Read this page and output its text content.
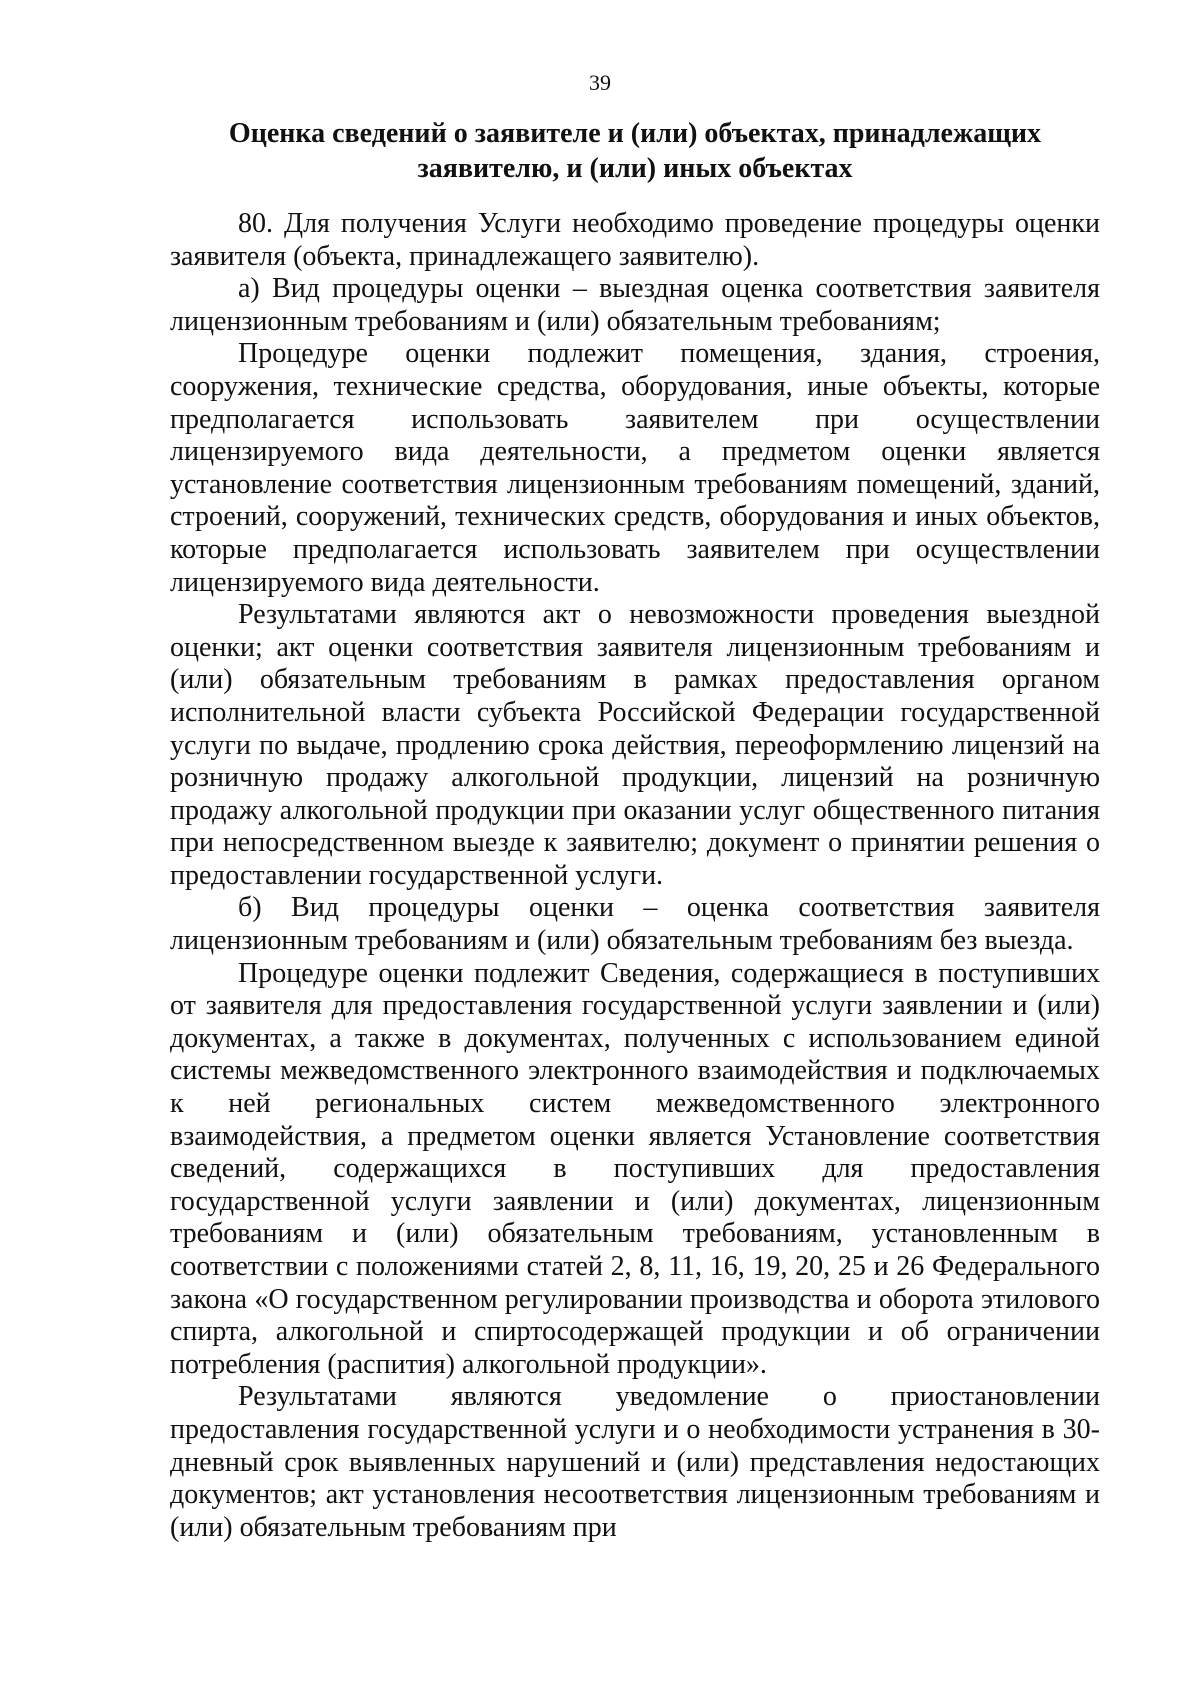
39
Оценка сведений о заявителе и (или) объектах, принадлежащих
заявителю, и (или) иных объектах

80. Для получения Услуги необходимо проведение процедуры оценки заявителя (объекта, принадлежащего заявителю).

а) Вид процедуры оценки – выездная оценка соответствия заявителя лицензионным требованиям и (или) обязательным требованиям;

Процедуре оценки подлежит помещения, здания, строения, сооружения, технические средства, оборудования, иные объекты, которые предполагается использовать заявителем при осуществлении лицензируемого вида деятельности, а предметом оценки является установление соответствия лицензионным требованиям помещений, зданий, строений, сооружений, технических средств, оборудования и иных объектов, которые предполагается использовать заявителем при осуществлении лицензируемого вида деятельности.

Результатами являются акт о невозможности проведения выездной оценки; акт оценки соответствия заявителя лицензионным требованиям и (или) обязательным требованиям в рамках предоставления органом исполнительной власти субъекта Российской Федерации государственной услуги по выдаче, продлению срока действия, переоформлению лицензий на розничную продажу алкогольной продукции, лицензий на розничную продажу алкогольной продукции при оказании услуг общественного питания при непосредственном выезде к заявителю; документ о принятии решения о предоставлении государственной услуги.

б) Вид процедуры оценки – оценка соответствия заявителя лицензионным требованиям и (или) обязательным требованиям без выезда.

Процедуре оценки подлежит Сведения, содержащиеся в поступивших от заявителя для предоставления государственной услуги заявлении и (или) документах, а также в документах, полученных с использованием единой системы межведомственного электронного взаимодействия и подключаемых к ней региональных систем межведомственного электронного взаимодействия, а предметом оценки является Установление соответствия сведений, содержащихся в поступивших для предоставления государственной услуги заявлении и (или) документах, лицензионным требованиям и (или) обязательным требованиям, установленным в соответствии с положениями статей 2, 8, 11, 16, 19, 20, 25 и 26 Федерального закона «О государственном регулировании производства и оборота этилового спирта, алкогольной и спиртосодержащей продукции и об ограничении потребления (распития) алкогольной продукции».

Результатами являются уведомление о приостановлении предоставления государственной услуги и о необходимости устранения в 30-дневный срок выявленных нарушений и (или) представления недостающих документов; акт установления несоответствия лицензионным требованиям и (или) обязательным требованиям при
